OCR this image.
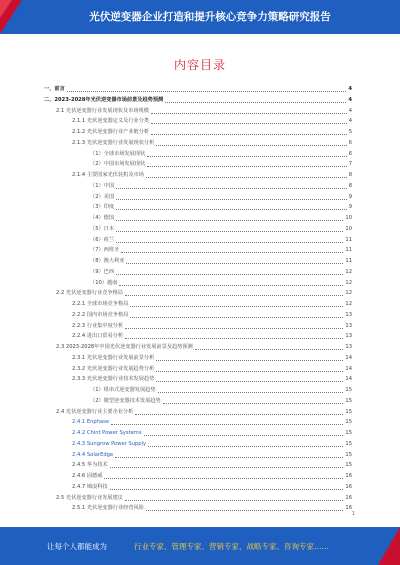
光伏逆变器企业打造和提升核心竞争力策略研究报告
内容目录
一、前言	4
二、2023-2028年光伏逆变器市场前景及趋势预测	4
2.1 光伏逆变器行业发展现状及市场规模	4
2.1.1 光伏逆变器定义及行业分类	4
2.1.2 光伏逆变器行业产业链分析	5
2.1.3 光伏逆变器行业发展现状分析	6
（1）全球市场发展现状	6
（2）中国市场发展现状	7
2.1.4 主要国家光伏装机及市场	8
（1）中国	8
（2）美国	9
（3）印度	9
（4）德国	10
（5）日本	10
（6）荷兰	11
（7）西班牙	11
（8）澳大利亚	11
（9）巴西	12
（10）越南	12
2.2 光伏逆变器行业竞争格局	12
2.2.1 全球市场竞争格局	12
2.2.2 国内市场竞争格局	13
2.2.3 行业集中度分析	13
2.2.4 进出口贸易分析	13
2.3 2023-2028年中国光伏逆变器行业发展前景及趋势预测	13
2.3.1 光伏逆变器行业发展前景分析	14
2.3.2 光伏逆变器行业发展趋势分析	14
2.3.3 光伏逆变器行业技术发展趋势	14
（1）组串式逆变器发展趋势	15
（2）微型逆变器技术发展趋势	15
2.4 光伏逆变器行业主要企业分析	15
2.4.1 Enphase	15
2.4.2 Chint Power Systems	15
2.4.3 Sungrow Power Supply	15
2.4.4 SolarEdge	15
2.4.5 华为技术	15
2.4.6 固德威	16
2.4.7 锦浪科技	16
2.5 光伏逆变器行业发展建议	16
2.5.1 光伏逆变器行业经营风险	16
1
让每个人都能成为	行业专家、管理专家、营销专家、战略专家、咨询专家……
